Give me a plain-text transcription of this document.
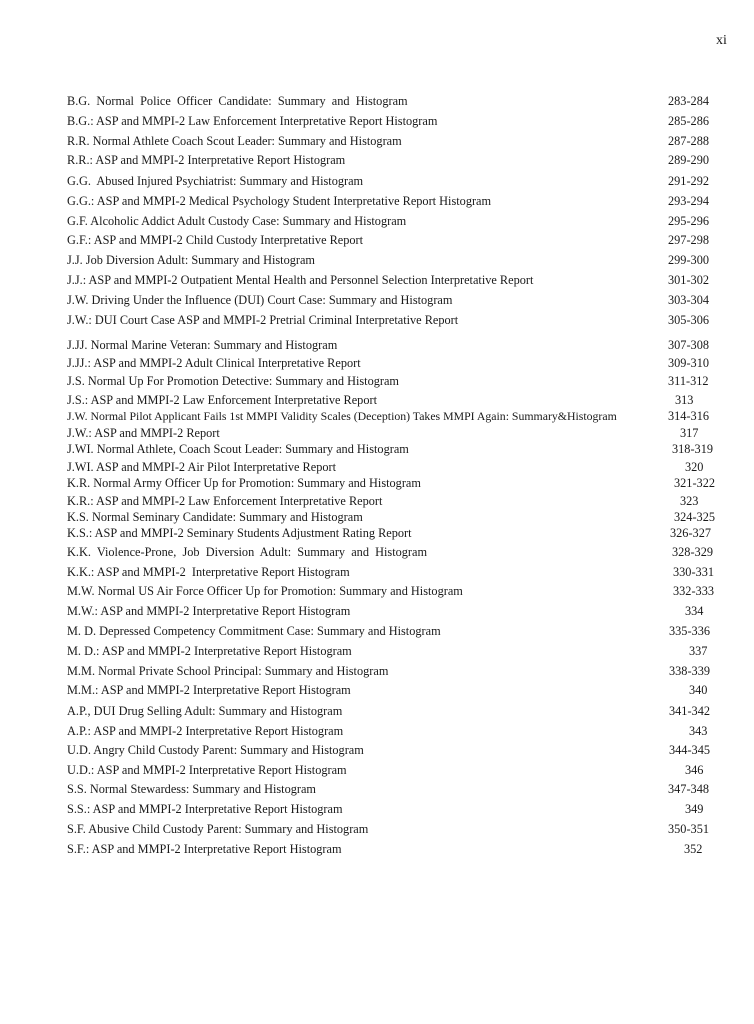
xi
B.G.  Normal  Police  Officer  Candidate:  Summary  and  Histogram	283-284
B.G.: ASP and MMPI-2 Law Enforcement Interpretative Report Histogram	285-286
R.R. Normal Athlete Coach Scout Leader: Summary and Histogram	287-288
R.R.: ASP and MMPI-2 Interpretative Report Histogram	289-290
G.G.  Abused Injured Psychiatrist: Summary and Histogram	291-292
G.G.: ASP and MMPI-2 Medical Psychology Student Interpretative Report Histogram	293-294
G.F. Alcoholic Addict Adult Custody Case: Summary and Histogram	295-296
G.F.: ASP and MMPI-2 Child Custody Interpretative Report	297-298
J.J. Job Diversion Adult: Summary and Histogram	299-300
J.J.: ASP and MMPI-2 Outpatient Mental Health and Personnel Selection Interpretative Report	301-302
J.W. Driving Under the Influence (DUI) Court Case: Summary and Histogram	303-304
J.W.: DUI Court Case ASP and MMPI-2 Pretrial Criminal Interpretative Report	305-306
J.JJ. Normal Marine Veteran: Summary and Histogram	307-308
J.JJ.: ASP and MMPI-2 Adult Clinical Interpretative Report	309-310
J.S. Normal Up For Promotion Detective: Summary and Histogram	311-312
J.S.: ASP and MMPI-2 Law Enforcement Interpretative Report	313
J.W. Normal Pilot Applicant Fails 1st MMPI Validity Scales (Deception) Takes MMPI Again: Summary&Histogram	314-316
J.W.: ASP and MMPI-2 Report	317
J.WI. Normal Athlete, Coach Scout Leader: Summary and Histogram	318-319
J.WI. ASP and MMPI-2 Air Pilot Interpretative Report	320
K.R. Normal Army Officer Up for Promotion: Summary and Histogram	321-322
K.R.: ASP and MMPI-2 Law Enforcement Interpretative Report	323
K.S. Normal Seminary Candidate: Summary and Histogram	324-325
K.S.: ASP and MMPI-2 Seminary Students Adjustment Rating Report	326-327
K.K.  Violence-Prone,  Job  Diversion  Adult:  Summary  and  Histogram	328-329
K.K.: ASP and MMPI-2  Interpretative Report Histogram	330-331
M.W. Normal US Air Force Officer Up for Promotion: Summary and Histogram	332-333
M.W.: ASP and MMPI-2 Interpretative Report Histogram	334
M. D. Depressed Competency Commitment Case: Summary and Histogram	335-336
M. D.: ASP and MMPI-2 Interpretative Report Histogram	337
M.M. Normal Private School Principal: Summary and Histogram	338-339
M.M.: ASP and MMPI-2 Interpretative Report Histogram	340
A.P., DUI Drug Selling Adult: Summary and Histogram	341-342
A.P.: ASP and MMPI-2 Interpretative Report Histogram	343
U.D. Angry Child Custody Parent: Summary and Histogram	344-345
U.D.: ASP and MMPI-2 Interpretative Report Histogram	346
S.S. Normal Stewardess: Summary and Histogram	347-348
S.S.: ASP and MMPI-2 Interpretative Report Histogram	349
S.F. Abusive Child Custody Parent: Summary and Histogram	350-351
S.F.: ASP and MMPI-2 Interpretative Report Histogram	352
